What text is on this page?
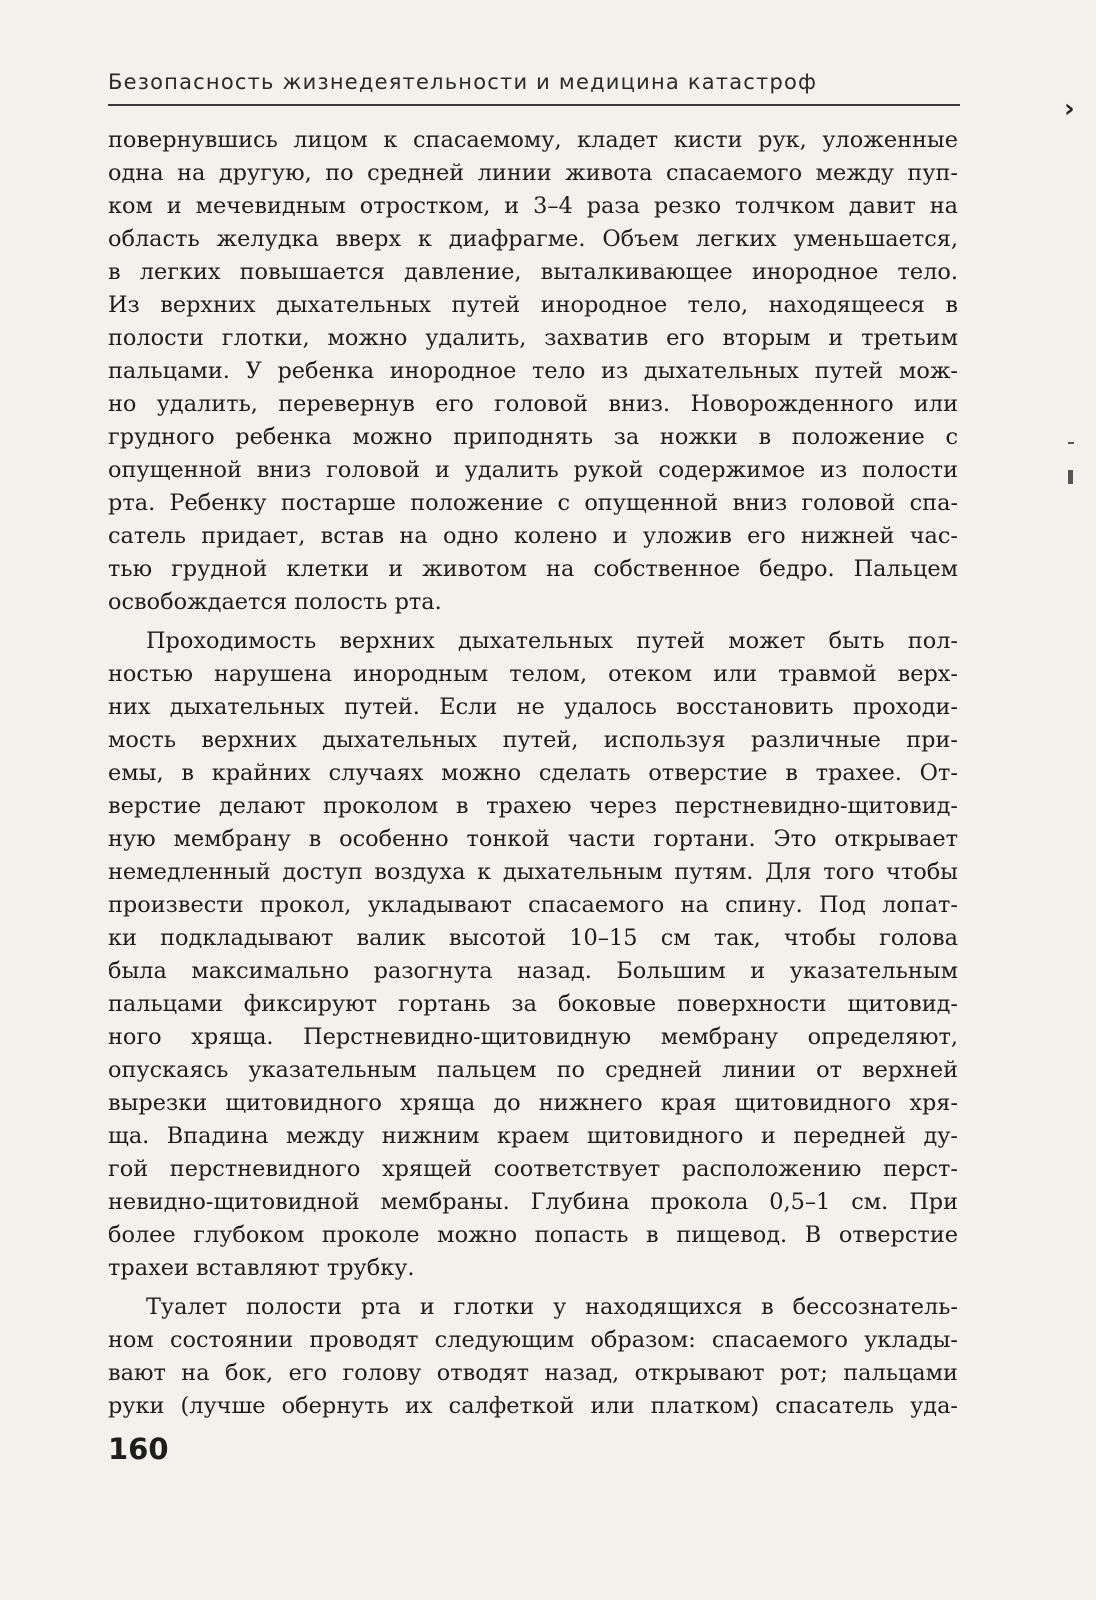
Безопасность жизнедеятельности и медицина катастроф
›
повернувшись лицом к спасаемому, кладет кисти рук, уложенные
одна на другую, по средней линии живота спасаемого между пуп-
ком и мечевидным отростком, и 3–4 раза резко толчком давит на
область желудка вверх к диафрагме. Объем легких уменьшается,
в легких повышается давление, выталкивающее инородное тело.
Из верхних дыхательных путей инородное тело, находящееся в
полости глотки, можно удалить, захватив его вторым и третьим
пальцами. У ребенка инородное тело из дыхательных путей мож-
но удалить, перевернув его головой вниз. Новорожденного или
грудного ребенка можно приподнять за ножки в положение с
опущенной вниз головой и удалить рукой содержимое из полости
рта. Ребенку постарше положение с опущенной вниз головой спа-
сатель придает, встав на одно колено и уложив его нижней час-
тью грудной клетки и животом на собственное бедро. Пальцем
освобождается полость рта.
Проходимость верхних дыхательных путей может быть пол-
ностью нарушена инородным телом, отеком или травмой верх-
них дыхательных путей. Если не удалось восстановить проходи-
мость верхних дыхательных путей, используя различные при-
емы, в крайних случаях можно сделать отверстие в трахее. От-
верстие делают проколом в трахею через перстневидно-щитовид-
ную мембрану в особенно тонкой части гортани. Это открывает
немедленный доступ воздуха к дыхательным путям. Для того чтобы
произвести прокол, укладывают спасаемого на спину. Под лопат-
ки подкладывают валик высотой 10–15 см так, чтобы голова
была максимально разогнута назад. Большим и указательным
пальцами фиксируют гортань за боковые поверхности щитовид-
ного хряща. Перстневидно-щитовидную мембрану определяют,
опускаясь указательным пальцем по средней линии от верхней
вырезки щитовидного хряща до нижнего края щитовидного хря-
ща. Впадина между нижним краем щитовидного и передней ду-
гой перстневидного хрящей соответствует расположению перст-
невидно-щитовидной мембраны. Глубина прокола 0,5–1 см. При
более глубоком проколе можно попасть в пищевод. В отверстие
трахеи вставляют трубку.
Туалет полости рта и глотки у находящихся в бессознатель-
ном состоянии проводят следующим образом: спасаемого уклады-
вают на бок, его голову отводят назад, открывают рот; пальцами
руки (лучше обернуть их салфеткой или платком) спасатель уда-
160
